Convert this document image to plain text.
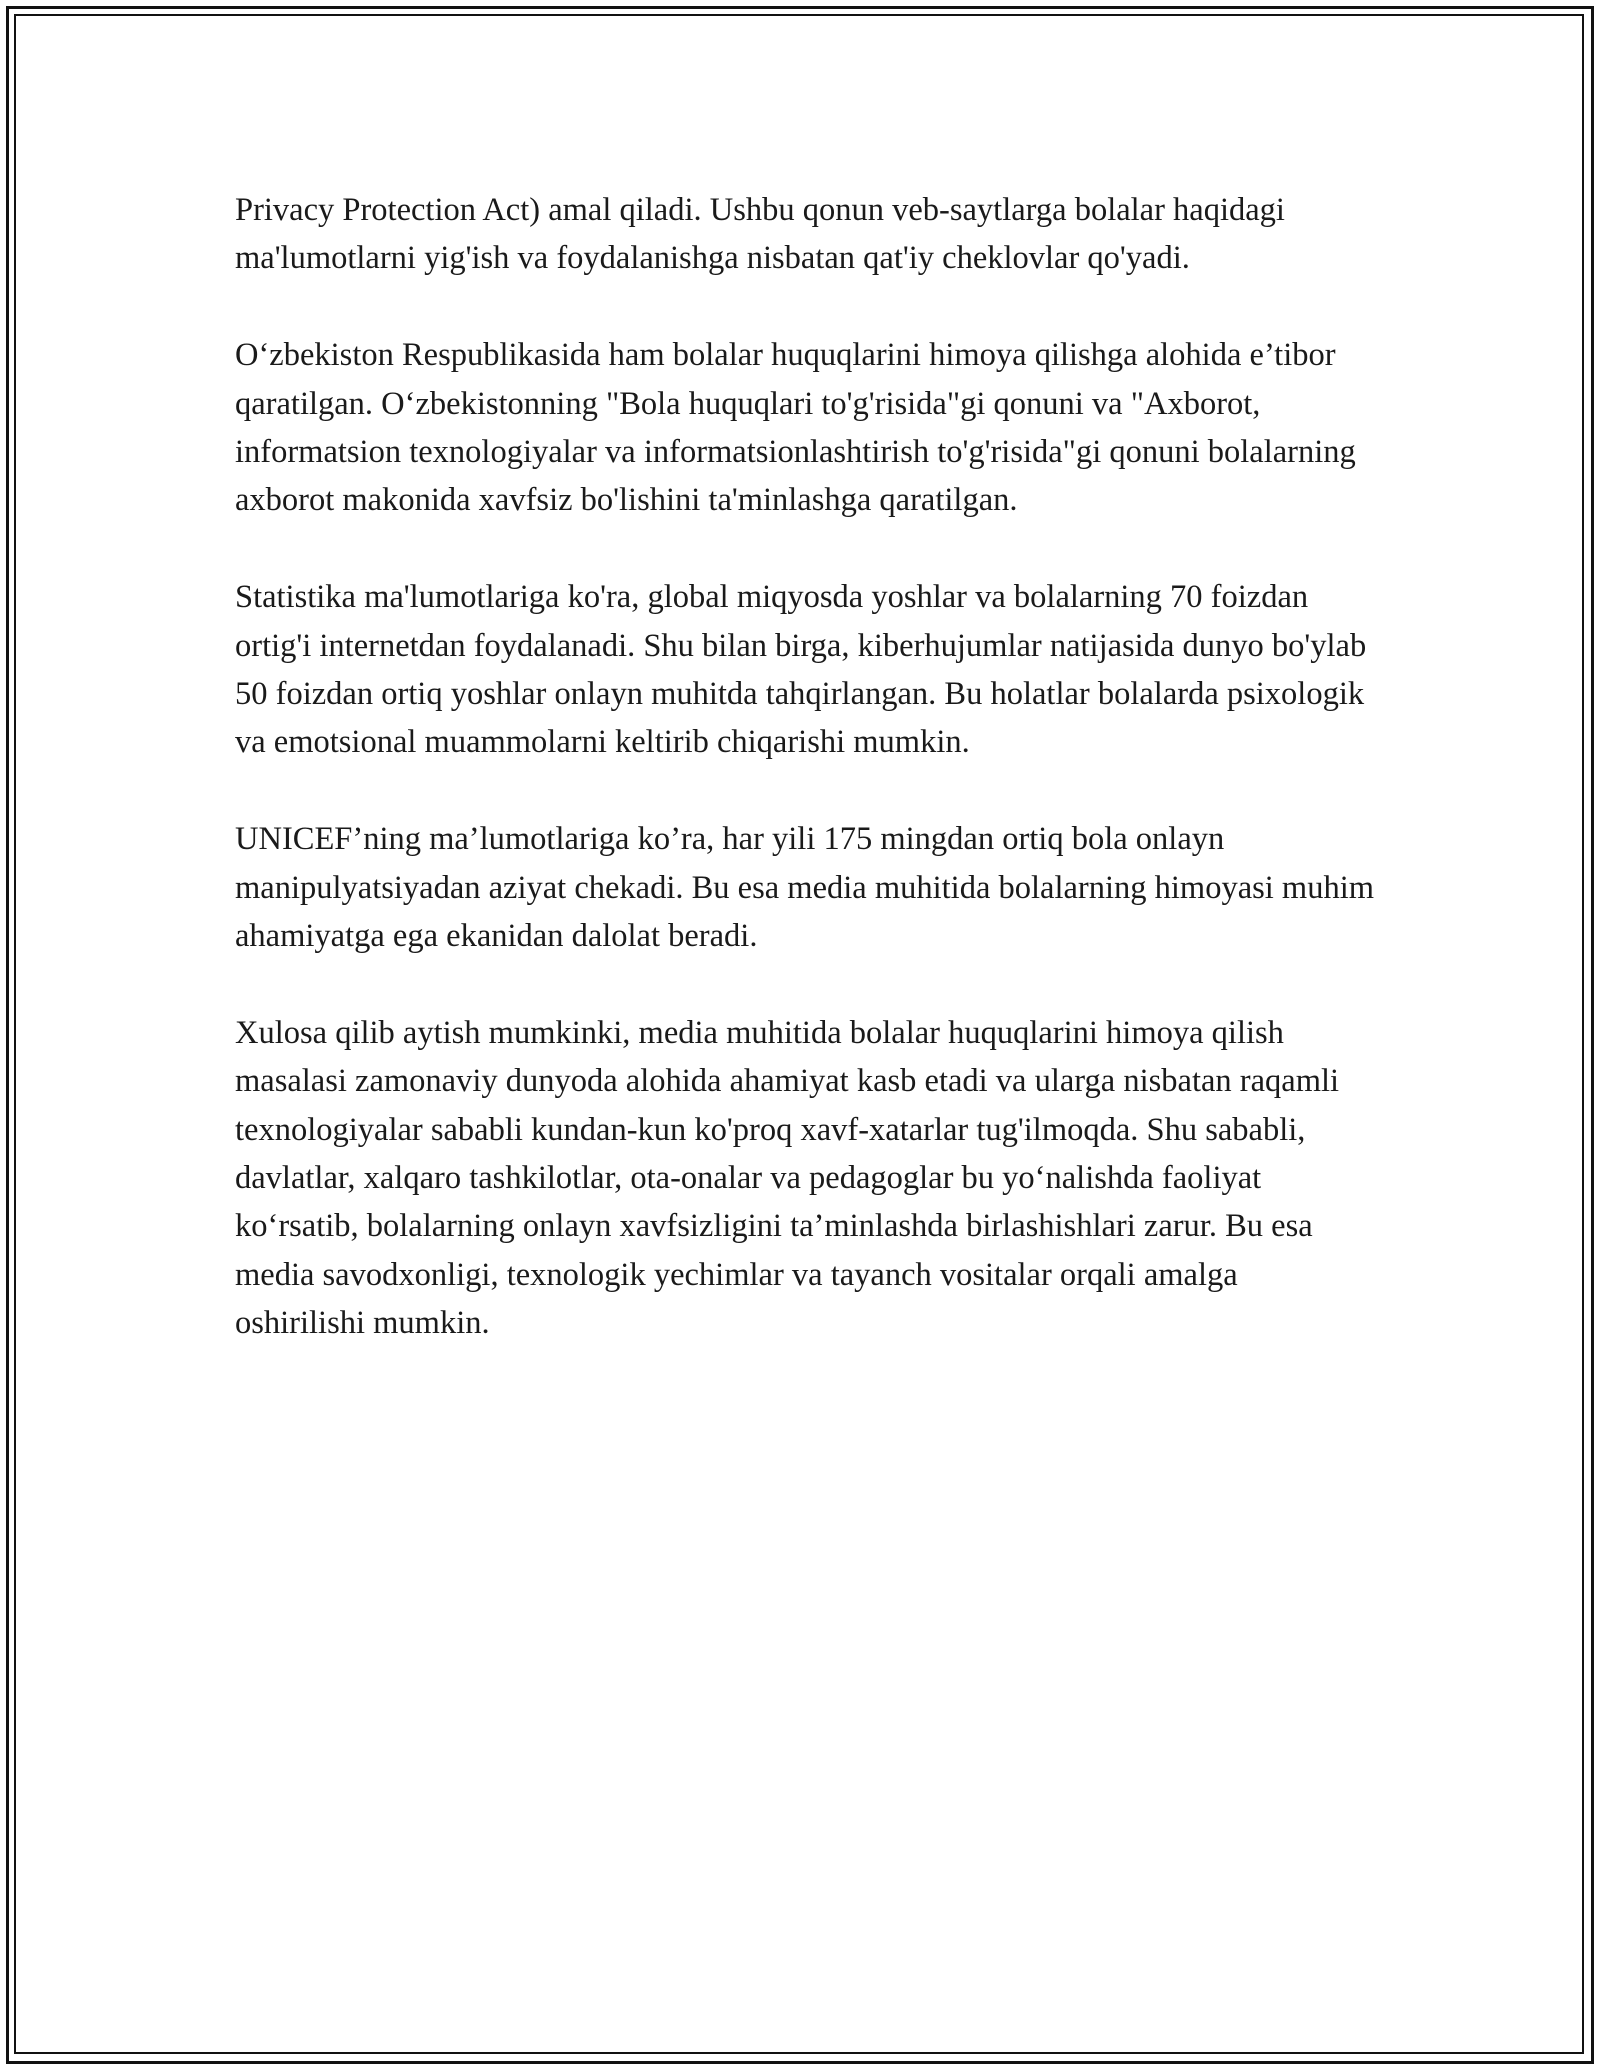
Privacy Protection Act) amal qiladi. Ushbu qonun veb-saytlarga bolalar haqidagi ma'lumotlarni yig'ish va foydalanishga nisbatan qat'iy cheklovlar qo'yadi.

O‘zbekiston Respublikasida ham bolalar huquqlarini himoya qilishga alohida e’tibor qaratilgan. O‘zbekistonning "Bola huquqlari to'g'risida"gi qonuni va "Axborot, informatsion texnologiyalar va informatsionlashtirish to'g'risida"gi qonuni bolalarning axborot makonida xavfsiz bo'lishini ta'minlashga qaratilgan.

Statistika ma'lumotlariga ko'ra, global miqyosda yoshlar va bolalarning 70 foizdan ortig'i internetdan foydalanadi. Shu bilan birga, kiberhujumlar natijasida dunyo bo'ylab 50 foizdan ortiq yoshlar onlayn muhitda tahqirlangan. Bu holatlar bolalarda psixologik va emotsional muammolarni keltirib chiqarishi mumkin.

UNICEF’ning ma’lumotlariga ko’ra, har yili 175 mingdan ortiq bola onlayn manipulyatsiyadan aziyat chekadi. Bu esa media muhitida bolalarning himoyasi muhim ahamiyatga ega ekanidan dalolat beradi.

Xulosa qilib aytish mumkinki, media muhitida bolalar huquqlarini himoya qilish masalasi zamonaviy dunyoda alohida ahamiyat kasb etadi va ularga nisbatan raqamli texnologiyalar sababli kundan-kun ko'proq xavf-xatarlar tug'ilmoqda. Shu sababli, davlatlar, xalqaro tashkilotlar, ota-onalar va pedagoglar bu yo‘nalishda faoliyat ko‘rsatib, bolalarning onlayn xavfsizligini ta’minlashda birlashishlari zarur. Bu esa media savodxonligi, texnologik yechimlar va tayanch vositalar orqali amalga oshirilishi mumkin.
